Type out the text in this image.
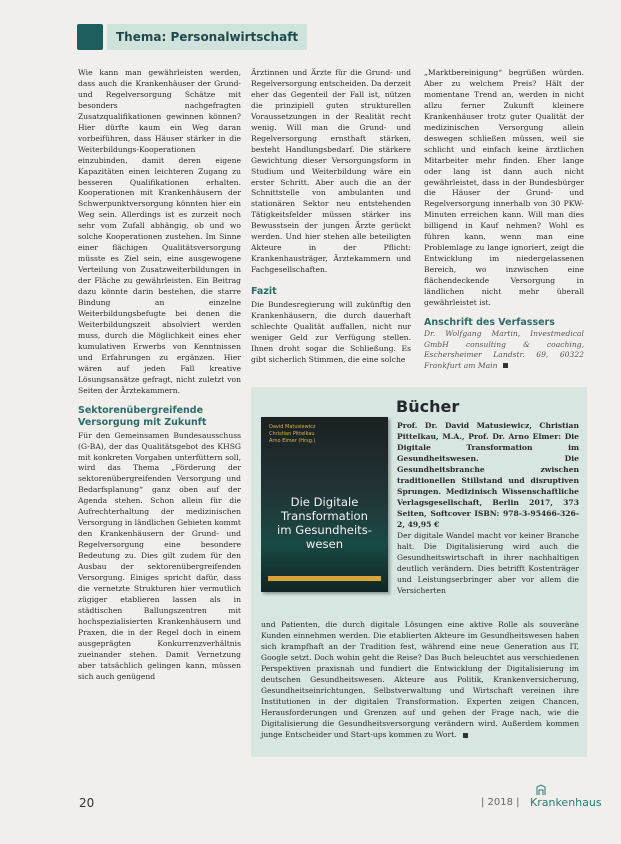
Thema: Personalwirtschaft

Wie kann man gewährleisten werden, dass auch die Krankenhäuser der Grund- und Regelversorgung Schätze mit besonders nachgefragten Zusatzqualifikationen gewinnen können? Hier dürfte kaum ein Weg daran vorbeiführen, dass Häuser stärker in die Weiterbildungs-Kooperationen einzubinden, damit deren eigene Kapazitäten einen leichteren Zugang zu besseren Qualifikationen erhalten. Kooperationen mit Krankenhäusern der Schwerpunktversorgung könnten hier ein Weg sein. Allerdings ist es zurzeit noch sehr vom Zufall abhängig, ob und wo solche Kooperationen zustehen. Im Sinne einer flächigen Qualitätsversorgung müsste es Ziel sein, eine ausgewogene Verteilung von Zusatzweiterbildungen in der Fläche zu gewährleisten. Ein Beitrag dazu könnte darin bestehen, die starre Bindung an einzelne Weiterbildungsbefugte bei denen die Weiterbildungszeit absolviert werden muss, durch die Möglichkeit eines eher kumulativen Erwerbs von Kenntnissen und Erfahrungen zu ergänzen. Hier wären auf jeden Fall kreative Lösungsansätze gefragt, nicht zuletzt von Seiten der Ärztekammern.

Sektorenübergreifende Versorgung mit Zukunft

Für den Gemeinsamen Bundesausschuss (G-BA), der das Qualitätsgebot des KHSG mit konkreten Vorgaben unterfüttern soll, wird das Thema „Förderung der sektorenübergreifenden Versorgung und Bedarfsplanung“ ganz oben auf der Agenda stehen. Schon allein für die Aufrechterhaltung der medizinischen Versorgung in ländlichen Gebieten kommt den Krankenhäusern der Grund- und Regelversorgung eine besondere Bedeutung zu. Dies gilt zudem für den Ausbau der sektorenübergreifenden Versorgung. Einiges spricht dafür, dass die vernetzte Strukturen hier vermutlich zügiger etablieren lassen als in städtischen Ballungszentren mit hochspezialisierten Krankenhäusern und Praxen, die in der Regel doch in einem ausgeprägten Konkurrenzverhältnis zueinander stehen. Damit Vernetzung aber tatsächlich gelingen kann, müssen sich auch genügend

Ärztinnen und Ärzte für die Grund- und Regelversorgung entscheiden. Da derzeit eher das Gegenteil der Fall ist, nützen die prinzipiell guten strukturellen Voraussetzungen in der Realität recht wenig. Will man die Grund- und Regelversorgung ernsthaft stärken, besteht Handlungsbedarf. Die stärkere Gewichtung dieser Versorgungsform in Studium und Weiterbildung wäre ein erster Schritt. Aber auch die an der Schnittstelle von ambulanten und stationären Sektor neu entstehenden Tätigkeitsfelder müssen stärker ins Bewusstsein der jungen Ärzte gerückt werden. Und hier stehen alle beteiligten Akteure in der Pflicht: Krankenhausträger, Ärztekammern und Fachgesellschaften.

Fazit

Die Bundesregierung will zukünftig den Krankenhäusern, die durch dauerhaft schlechte Qualität auffallen, nicht nur weniger Geld zur Verfügung stellen. Ihnen droht sogar die Schließung. Es gibt sicherlich Stimmen, die eine solche

„Marktbereinigung“ begrüßen würden. Aber zu welchem Preis? Hält der momentane Trend an, werden in nicht allzu ferner Zukunft kleinere Krankenhäuser trotz guter Qualität der medizinischen Versorgung allein deswegen schließen müssen, weil sie schlicht und einfach keine ärztlichen Mitarbeiter mehr finden. Eher lange oder lang ist dann auch nicht gewährleistet, dass in der Bundesbürger die Häuser der Grund- und Regelversorgung innerhalb von 30 PKW-Minuten erreichen kann. Will man dies billigend in Kauf nehmen? Wohl es führen kann, wenn man eine Problemlage zu lange ignoriert, zeigt die Entwicklung im niedergelassenen Bereich, wo inzwischen eine flächendeckende Versorgung in ländlichen nicht mehr überall gewährleistet ist.

Anschrift des Verfassers
Dr. Wolfgang Martin, Investmedical GmbH consulting & coaching, Eschersheimer Landstr. 69, 60322 Frankfurt am Main
Bücher
David Matusiewicz
Christian Pittelkau
Arno Elmer (Hrsg.)
Die Digitale
Transformation
im Gesundheits-
wesen
Prof. Dr. David Matusiewicz, Christian Pittelkau, M.A., Prof. Dr. Arno Elmer: Die Digitale Transformation im Gesundheitswesen. Die Gesundheitsbranche zwischen traditionellen Stillstand und disruptiven Sprungen. Medizinisch Wissenschaftliche Verlagsgesellschaft, Berlin 2017, 373 Seiten, Softcover ISBN: 978-3-95466-326-2, 49,95 €
Der digitale Wandel macht vor keiner Branche halt. Die Digitalisierung wird auch die Gesundheitswirtschaft in ihrer nachhaltigen deutlich verändern. Dies betrifft Kostenträger und Leistungserbringer aber vor allem die Versicherten
und Patienten, die durch digitale Lösungen eine aktive Rolle als souveräne Kunden einnehmen werden. Die etablierten Akteure im Gesundheitswesen haben sich krampfhaft an der Tradition fest, während eine neue Generation aus IT, Google setzt. Doch wohin geht die Reise? Das Buch beleuchtet aus verschiedenen Perspektiven praxisnah und fundiert die Entwicklung der Digitalisierung im deutschen Gesundheitswesen. Akteure aus Politik, Krankenversicherung, Gesundheitseinrichtungen, Selbstverwaltung und Wirtschaft vereinen ihre Institutionen in der digitalen Transformation. Experten zeigen Chancen, Herausforderungen und Grenzen auf und gehen der Frage nach, wie die Digitalisierung die Gesundheitsversorgung verändern wird. Außerdem kommen junge Entscheider und Start-ups kommen zu Wort.
20	| 2018 | Krankenhaus
